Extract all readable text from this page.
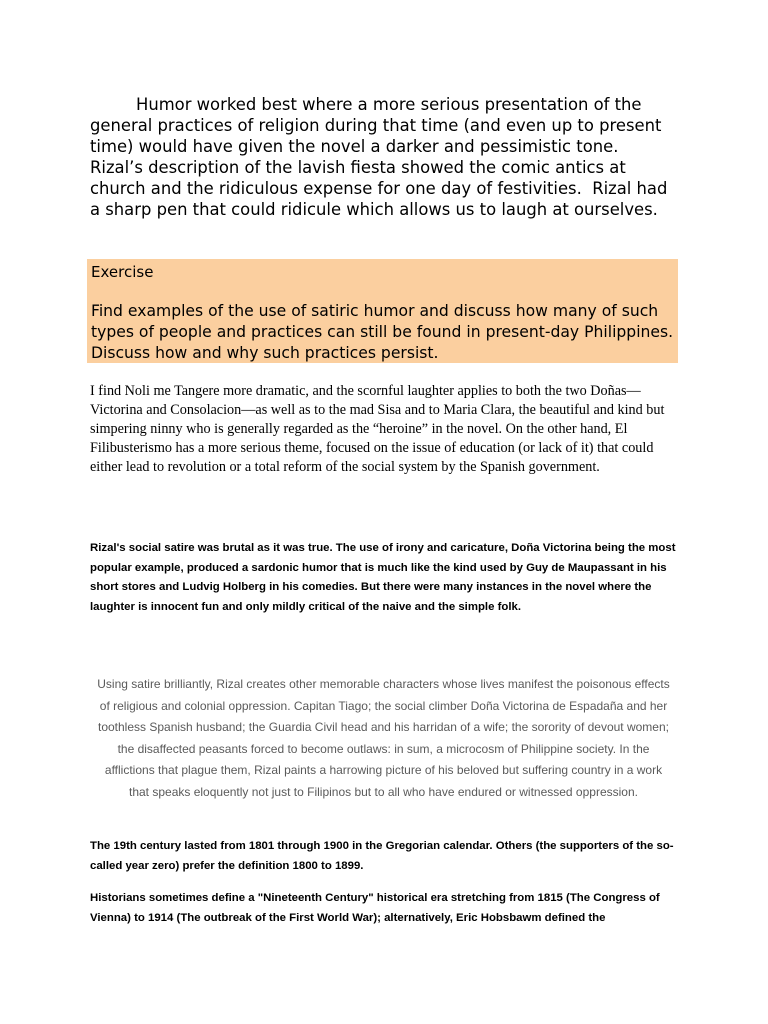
Humor worked best where a more serious presentation of the general practices of religion during that time (and even up to present time) would have given the novel a darker and pessimistic tone.  Rizal’s description of the lavish fiesta showed the comic antics at church and the ridiculous expense for one day of festivities.  Rizal had a sharp pen that could ridicule which allows us to laugh at ourselves.

Exercise

Find examples of the use of satiric humor and discuss how many of such types of people and practices can still be found in present-day Philippines. Discuss how and why such practices persist.

I find Noli me Tangere more dramatic, and the scornful laughter applies to both the two Doñas—Victorina and Consolacion—as well as to the mad Sisa and to Maria Clara, the beautiful and kind but simpering ninny who is generally regarded as the “heroine” in the novel. On the other hand, El Filibusterismo has a more serious theme, focused on the issue of education (or lack of it) that could either lead to revolution or a total reform of the social system by the Spanish government.

Rizal's social satire was brutal as it was true. The use of irony and caricature, Doña Victorina being the most popular example, produced a sardonic humor that is much like the kind used by Guy de Maupassant in his short stores and Ludvig Holberg in his comedies. But there were many instances in the novel where the laughter is innocent fun and only mildly critical of the naive and the simple folk.

Using satire brilliantly, Rizal creates other memorable characters whose lives manifest the poisonous effects of religious and colonial oppression. Capitan Tiago; the social climber Doña Victorina de Espadaña and her toothless Spanish husband; the Guardia Civil head and his harridan of a wife; the sorority of devout women; the disaffected peasants forced to become outlaws: in sum, a microcosm of Philippine society. In the afflictions that plague them, Rizal paints a harrowing picture of his beloved but suffering country in a work that speaks eloquently not just to Filipinos but to all who have endured or witnessed oppression.

The 19th century lasted from 1801 through 1900 in the Gregorian calendar. Others (the supporters of the so-called year zero) prefer the definition 1800 to 1899.

Historians sometimes define a "Nineteenth Century" historical era stretching from 1815 (The Congress of Vienna) to 1914 (The outbreak of the First World War); alternatively, Eric Hobsbawm defined the
